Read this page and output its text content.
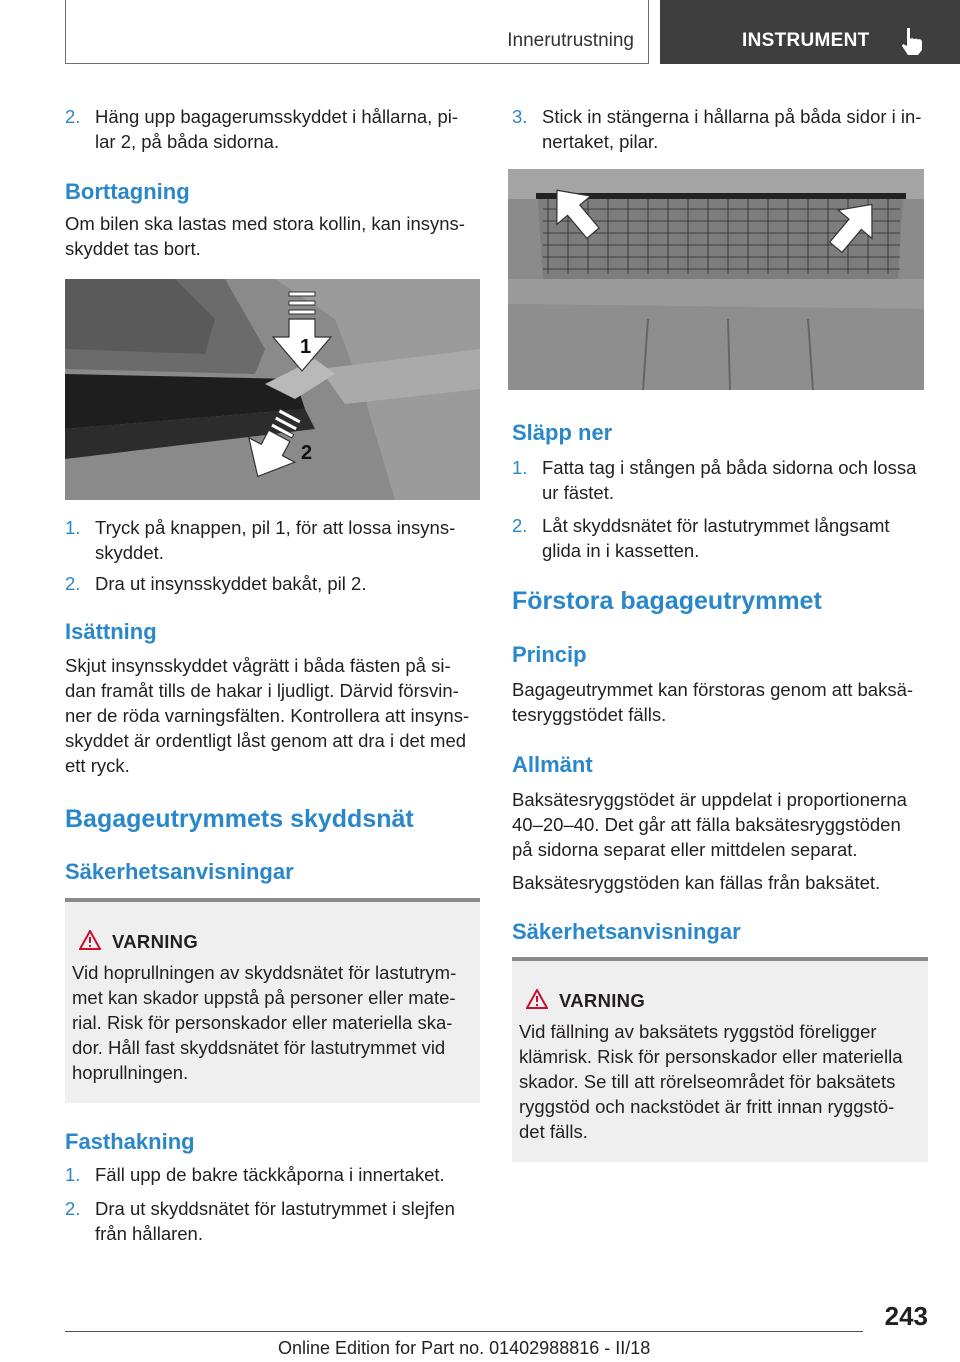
Innerutrustning	INSTRUMENT
2. Häng upp bagagerumsskyddet i hållarna, pi-
lar 2, på båda sidorna.
Borttagning
Om bilen ska lastas med stora kollin, kan insyns-
skyddet tas bort.
1
2
1. Tryck på knappen, pil 1, för att lossa insyns-
skyddet.
2. Dra ut insynsskyddet bakåt, pil 2.
Isättning
Skjut insynsskyddet vågrätt i båda fästen på si-
dan framåt tills de hakar i ljudligt. Därvid försvin-
ner de röda varningsfälten. Kontrollera att insyns-
skyddet är ordentligt låst genom att dra i det med
ett ryck.
Bagageutrymmets skyddsnät
Säkerhetsanvisningar
VARNING
Vid hoprullningen av skyddsnätet för lastutrym-
met kan skador uppstå på personer eller mate-
rial. Risk för personskador eller materiella ska-
dor. Håll fast skyddsnätet för lastutrymmet vid
hoprullningen.
Fasthakning
1. Fäll upp de bakre täckkåporna i innertaket.
2. Dra ut skyddsnätet för lastutrymmet i slejfen
från hållaren.
3. Stick in stängerna i hållarna på båda sidor i in-
nertaket, pilar.
Släpp ner
1. Fatta tag i stången på båda sidorna och lossa
ur fästet.
2. Låt skyddsnätet för lastutrymmet långsamt
glida in i kassetten.
Förstora bagageutrymmet
Princip
Bagageutrymmet kan förstoras genom att baksä-
tesryggstödet fälls.
Allmänt
Baksätesryggstödet är uppdelat i proportionerna
40–20–40. Det går att fälla baksätesryggstöden
på sidorna separat eller mittdelen separat.
Baksätesryggstöden kan fällas från baksätet.
Säkerhetsanvisningar
VARNING
Vid fällning av baksätets ryggstöd föreligger
klämrisk. Risk för personskador eller materiella
skador. Se till att rörelseområdet för baksätets
ryggstöd och nackstödet är fritt innan ryggstö-
det fälls.
243
Online Edition for Part no. 01402988816 - II/18
